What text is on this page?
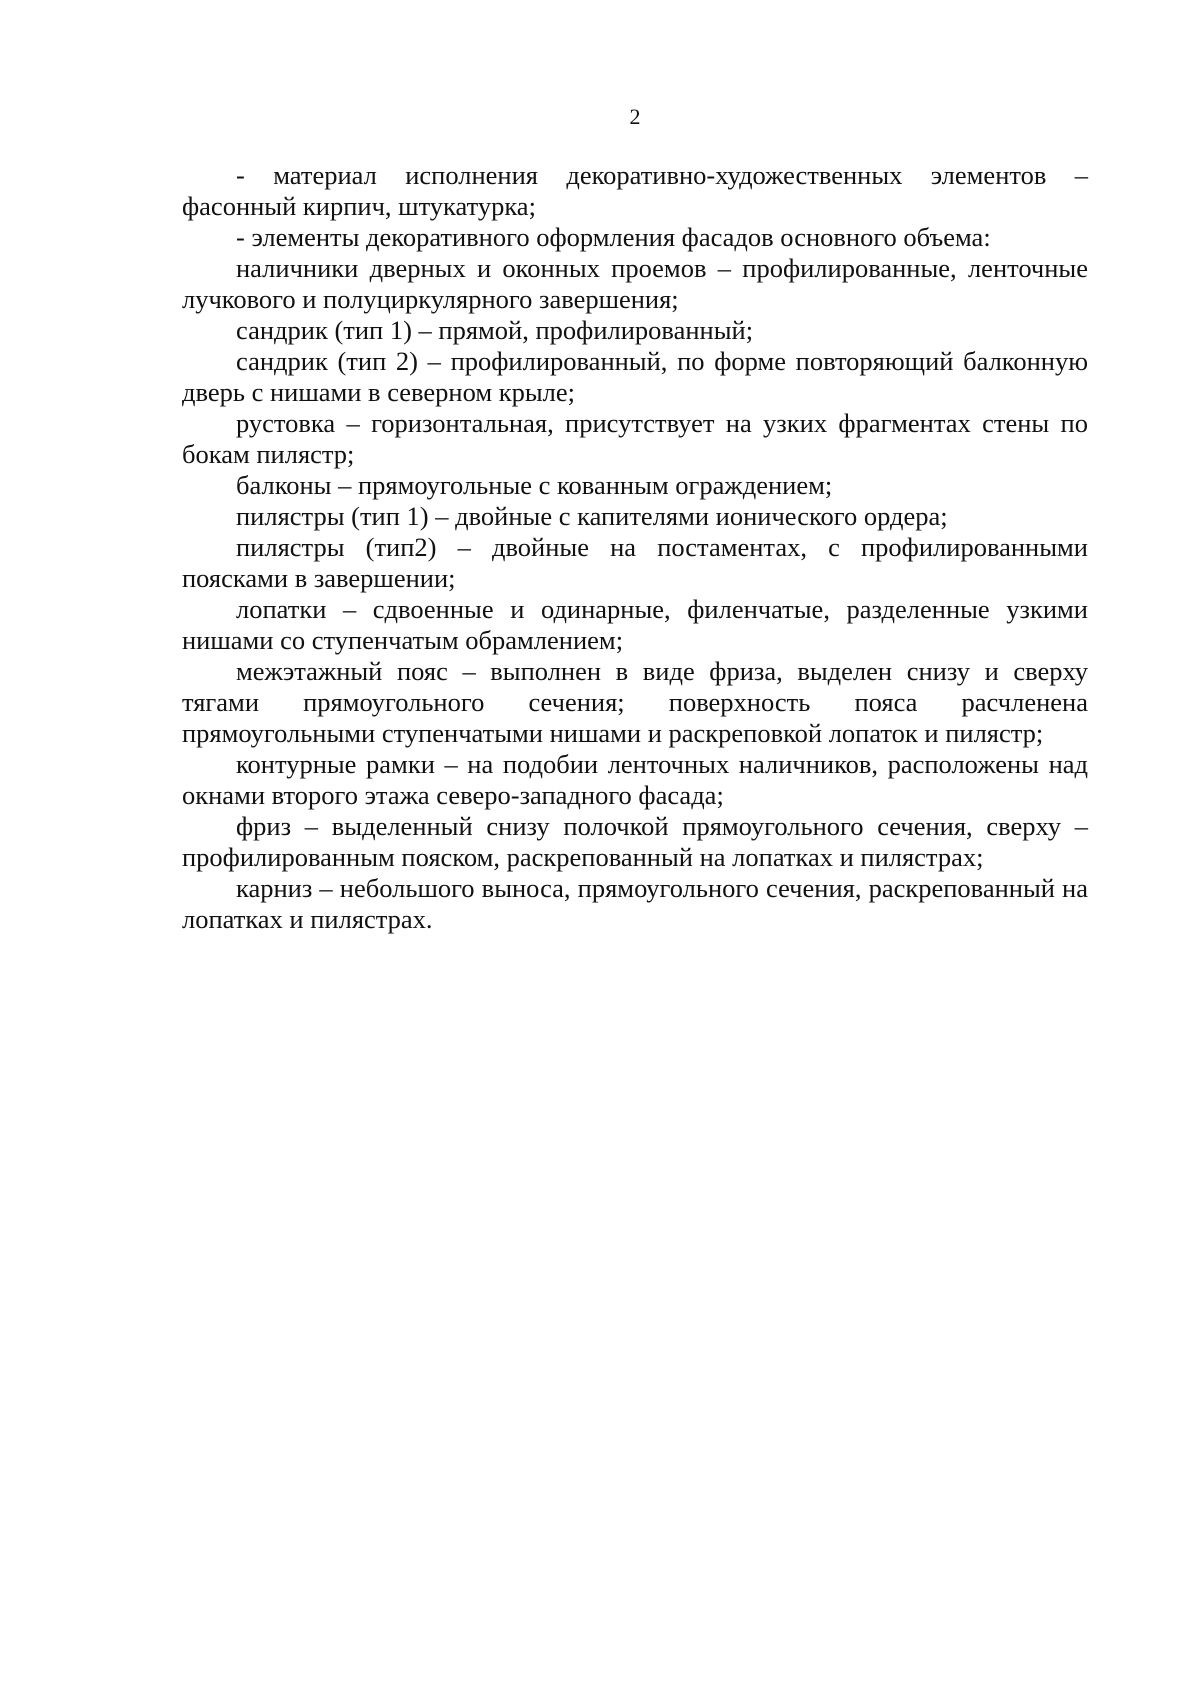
2

- материал исполнения декоративно-художественных элементов – фасонный кирпич, штукатурка;

- элементы декоративного оформления фасадов основного объема:

наличники дверных и оконных проемов – профилированные, ленточные лучкового и полуциркулярного завершения;

сандрик (тип 1) – прямой, профилированный;

сандрик (тип 2) – профилированный, по форме повторяющий балконную дверь с нишами в северном крыле;

рустовка – горизонтальная, присутствует на узких фрагментах стены по бокам пилястр;

балконы – прямоугольные с кованным ограждением;

пилястры (тип 1) – двойные с капителями ионического ордера;

пилястры (тип2) – двойные на постаментах, с профилированными поясками в завершении;

лопатки – сдвоенные и одинарные, филенчатые, разделенные узкими нишами со ступенчатым обрамлением;

межэтажный пояс – выполнен в виде фриза, выделен снизу и сверху тягами прямоугольного сечения; поверхность пояса расчленена прямоугольными ступенчатыми нишами и раскреповкой лопаток и пилястр;

контурные рамки – на подобии ленточных наличников, расположены над окнами второго этажа северо-западного фасада;

фриз – выделенный снизу полочкой прямоугольного сечения, сверху – профилированным пояском, раскрепованный на лопатках и пилястрах;

карниз – небольшого выноса, прямоугольного сечения, раскрепованный на лопатках и пилястрах.
